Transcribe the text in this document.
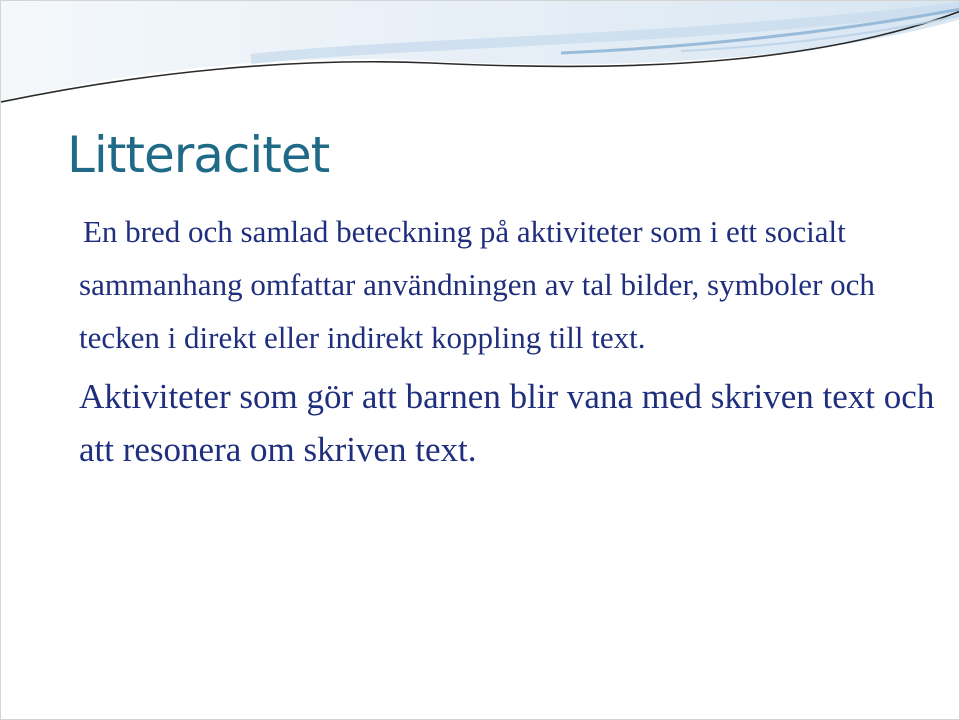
Litteracitet

En bred och samlad beteckning på aktiviteter som i ett socialt sammanhang omfattar användningen av tal bilder, symboler och tecken i direkt eller indirekt koppling till text.

Aktiviteter som gör att barnen blir vana med skriven text och att resonera om skriven text.
